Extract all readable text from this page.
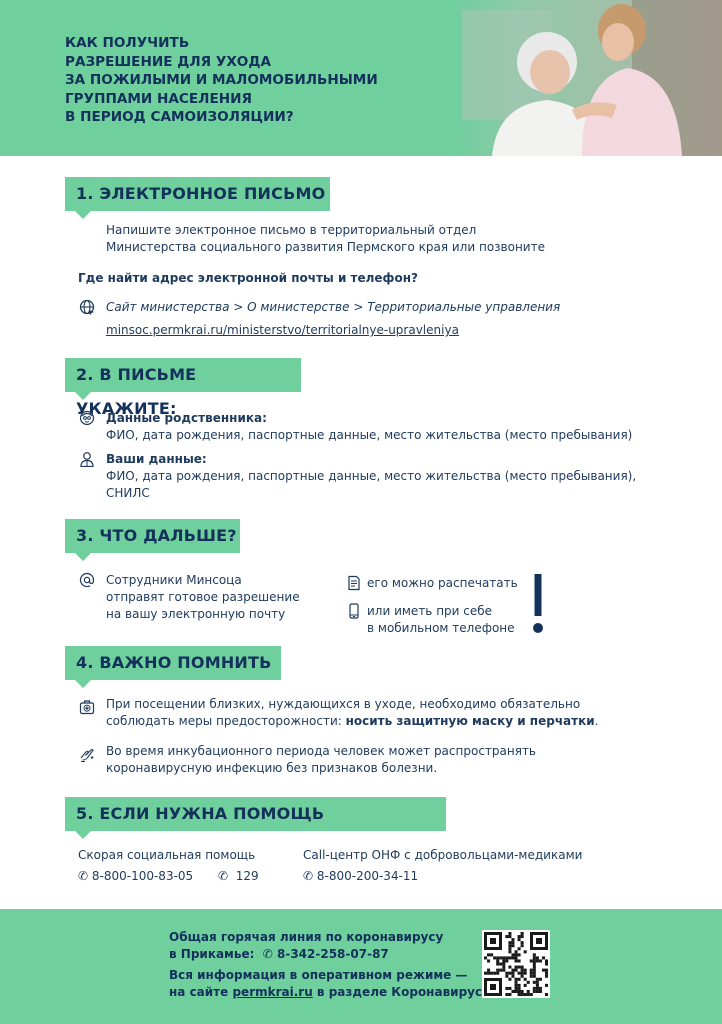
КАК ПОЛУЧИТЬ
РАЗРЕШЕНИЕ ДЛЯ УХОДА
ЗА ПОЖИЛЫМИ И МАЛОМОБИЛЬНЫМИ
ГРУППАМИ НАСЕЛЕНИЯ
В ПЕРИОД САМОИЗОЛЯЦИИ?
1. ЭЛЕКТРОННОЕ ПИСЬМО
Напишите электронное письмо в территориальный отдел
Министерства социального развития Пермского края или позвоните
Где найти адрес электронной почты и телефон?
Сайт министерства > О министерстве > Территориальные управления
minsoc.permkrai.ru/ministerstvo/territorialnye-upravleniya
2. В ПИСЬМЕ УКАЖИТЕ:
Данные родственника:
ФИО, дата рождения, паспортные данные, место жительства (место пребывания)
Ваши данные:
ФИО, дата рождения, паспортные данные, место жительства (место пребывания),
СНИЛС
3. ЧТО ДАЛЬШЕ?
Сотрудники Минсоца
отправят готовое разрешение
на вашу электронную почту
его можно распечатать
или иметь при себе
в мобильном телефоне
4. ВАЖНО ПОМНИТЬ
При посещении близких, нуждающихся в уходе, необходимо обязательно
соблюдать меры предосторожности: носить защитную маску и перчатки.
Во время инкубационного периода человек может распространять
коронавирусную инфекцию без признаков болезни.
5. ЕСЛИ НУЖНА ПОМОЩЬ
Скорая социальная помощь
✆ 8-800-100-83-05 ✆  129
Call-центр ОНФ с добровольцами-медиками
✆ 8-800-200-34-11
Общая горячая линия по коронавирусу
в Прикамье: ✆ 8-342-258-07-87
Вся информация в оперативном режиме —
на сайте permkrai.ru в разделе Коронавирус
